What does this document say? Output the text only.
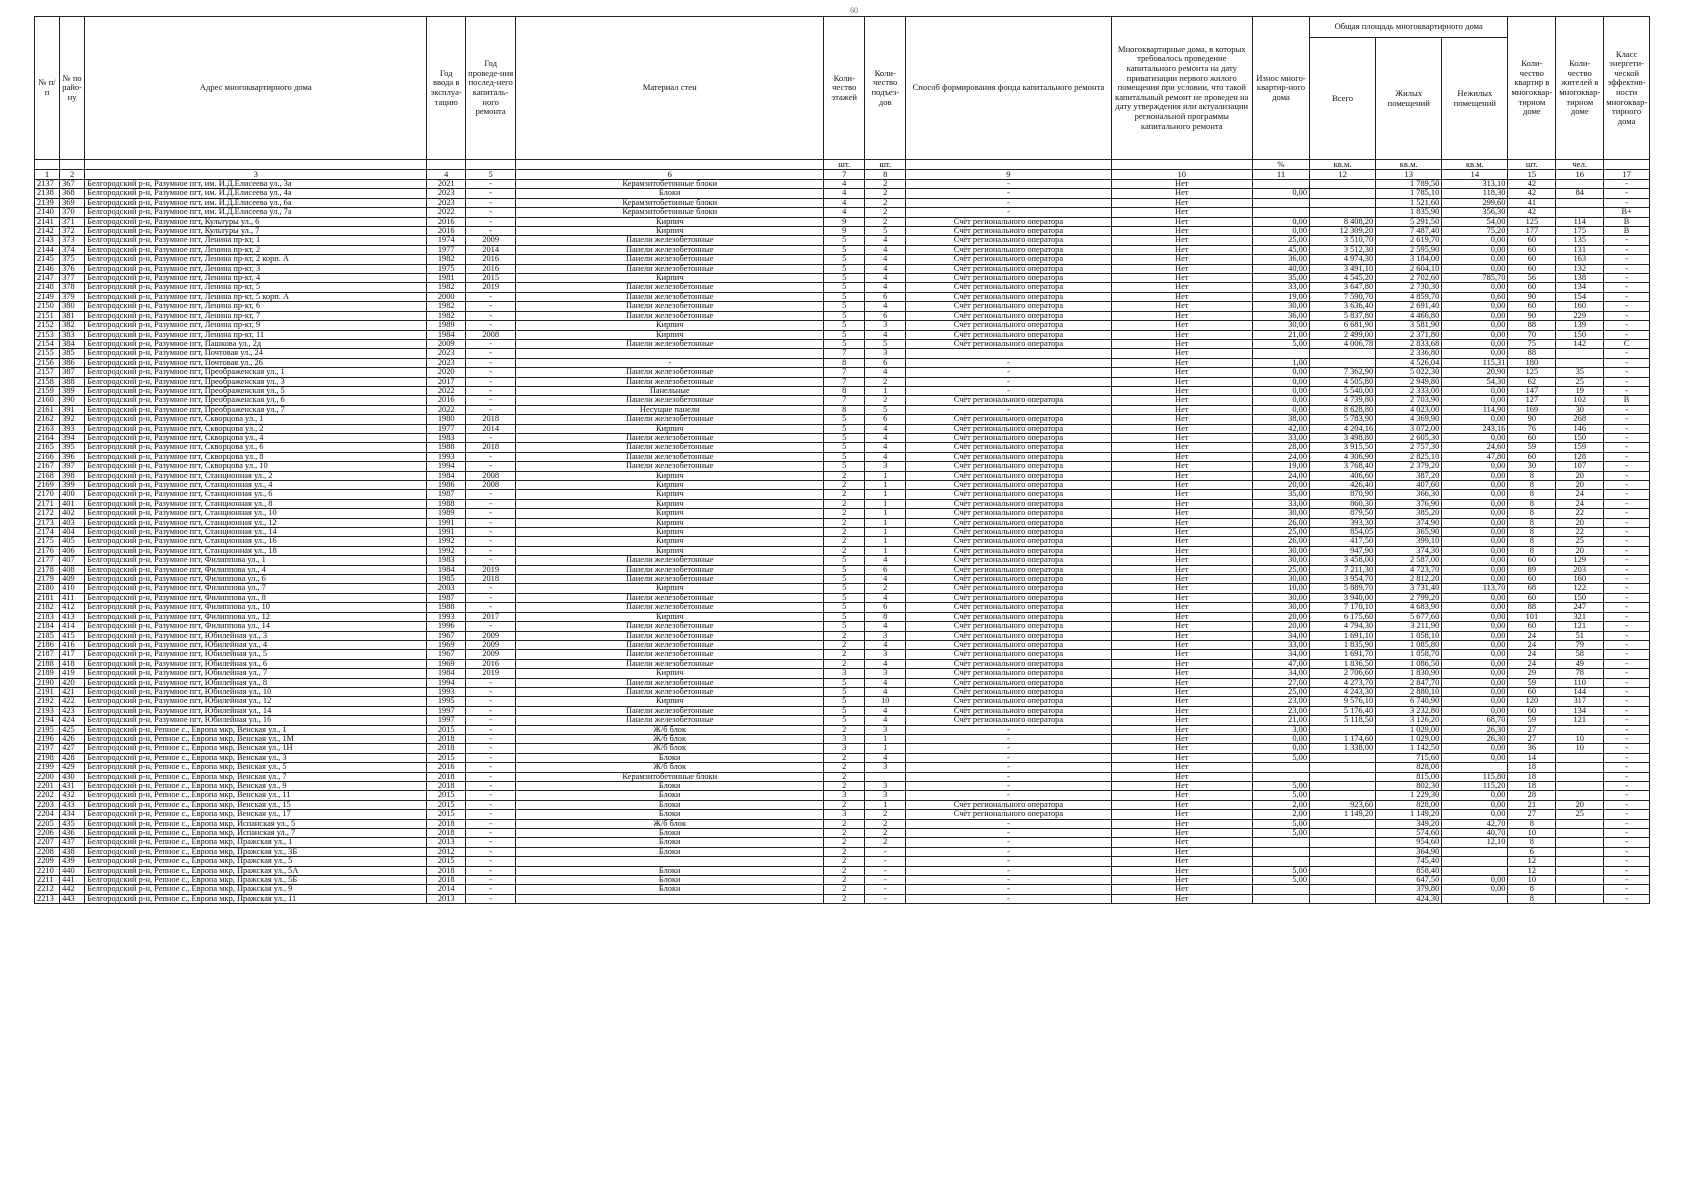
60
№ п/п	№ по райо-ну	Адрес многоквартирного дома	Год ввода в эксплуа-тацию	Год проведе-ния послед-него капиталь-ного ремонта	Материал стен	Коли-чество этажей	Коли-чество подъез-дов	Способ формирования фонда капитального ремонта	Многоквартирные дома, в которых требовалось проведение капитального ремонта на дату приватизации первого жилого помещения при условии, что такой капитальный ремонт не проведен на дату утверждения или актуализации региональной программы капитального ремонта	Износ много-квартир-ного дома	Общая площадь многоквартирного дома			Коли-чество квартир в многоквар-тирном доме	Коли-чество жителей в многоквар-тирном доме	Класс энергети-ческой эффектив-ности многоквар-тирного дома
											Всего	Жилых помещений	Нежилых помещений			
						шт.	шт.			%	кв.м.	кв.м.	кв.м.	шт.	чел.	
1	2	3	4	5	6	7	8	9	10	11	12	13	14	15	16	17
2137	367	Белгородский р-н, Разумное пгт, им. И.Д.Елисеева ул., 3а	2021	-	Керамзитобетонные блоки	4	2	-	Нет			1 789,50	313,10	42		-
2138	368	Белгородский р-н, Разумное пгт, им. И.Д.Елисеева ул., 4а	2023	-	Блоки	4	2	-	Нет	0,00		1 785,10	118,30	42	84	-
2139	369	Белгородский р-н, Разумное пгт, им. И.Д.Елисеева ул., 6а	2023	-	Керамзитобетонные блоки	4	2	-	Нет			1 521,60	299,60	41		-
2140	370	Белгородский р-н, Разумное пгт, им. И.Д.Елисеева ул., 7а	2022	-	Керамзитобетонные блоки	4	2	-	Нет			1 835,90	356,30	42		B+
2141	371	Белгородский р-н, Разумное пгт, Культуры ул., 6	2016	-	Кирпич	9	2	Счёт регионального оператора	Нет	0,00	8 408,20	5 291,50	54,00	125	114	B
2142	372	Белгородский р-н, Разумное пгт, Культуры ул., 7	2016	-	Кирпич	9	5	Счёт регионального оператора	Нет	0,00	12 309,20	7 487,40	75,20	177	175	B
2143	373	Белгородский р-н, Разумное пгт, Ленина пр-кт, 1	1974	2009	Панели железобетонные	5	4	Счёт регионального оператора	Нет	25,00	3 510,70	2 619,70	0,00	60	135	-
2144	374	Белгородский р-н, Разумное пгт, Ленина пр-кт, 2	1977	2014	Панели железобетонные	5	4	Счёт регионального оператора	Нет	45,00	3 512,30	2 595,90	0,00	60	131	-
2145	375	Белгородский р-н, Разумное пгт, Ленина пр-кт, 2 корп. А	1982	2016	Панели железобетонные	5	4	Счёт регионального оператора	Нет	36,00	4 974,30	3 184,00	0,00	60	163	-
2146	376	Белгородский р-н, Разумное пгт, Ленина пр-кт, 3	1975	2016	Панели железобетонные	5	4	Счёт регионального оператора	Нет	40,00	3 491,10	2 604,10	0,00	60	132	-
2147	377	Белгородский р-н, Разумное пгт, Ленина пр-кт, 4	1981	2015	Кирпич	5	4	Счёт регионального оператора	Нет	35,00	4 545,20	2 702,60	785,70	56	138	-
2148	378	Белгородский р-н, Разумное пгт, Ленина пр-кт, 5	1982	2019	Панели железобетонные	5	4	Счёт регионального оператора	Нет	33,00	3 647,80	2 730,30	0,00	60	134	-
2149	379	Белгородский р-н, Разумное пгт, Ленина пр-кт, 5 корп. А	2000	-	Панели железобетонные	5	6	Счёт регионального оператора	Нет	19,00	7 590,70	4 859,70	0,60	90	154	-
2150	380	Белгородский р-н, Разумное пгт, Ленина пр-кт, 6	1982	-	Панели железобетонные	5	4	Счёт регионального оператора	Нет	30,00	3 636,40	2 691,40	0,00	60	160	-
2151	381	Белгородский р-н, Разумное пгт, Ленина пр-кт, 7	1982	-	Панели железобетонные	5	6	Счёт регионального оператора	Нет	36,00	5 837,80	4 466,80	0,00	90	229	-
2152	382	Белгородский р-н, Разумное пгт, Ленина пр-кт, 9	1989	-	Кирпич	5	3	Счёт регионального оператора	Нет	30,00	6 681,90	3 581,90	0,00	88	139	-
2153	383	Белгородский р-н, Разумное пгт, Ленина пр-кт, 11	1984	2008	Кирпич	5	4	Счёт регионального оператора	Нет	21,00	2 499,00	2 371,80	0,00	70	150	-
2154	384	Белгородский р-н, Разумное пгт, Пашкова ул., 2д	2009	-	Панели железобетонные	5	5	Счёт регионального оператора	Нет	5,00	4 006,78	2 833,68	0,00	75	142	C
2155	385	Белгородский р-н, Разумное пгт, Почтовая ул., 24	2023	-		7	3		Нет			2 336,80	0,00	88		-
2156	386	Белгородский р-н, Разумное пгт, Почтовая ул., 26	2023	-	-	8	6	-	Нет	1,00		4 526,04	115,31	180		-
2157	387	Белгородский р-н, Разумное пгт, Преображенская ул., 1	2020	-	Панели железобетонные	7	4	-	Нет	0,00	7 362,90	5 022,30	20,90	125	35	-
2158	388	Белгородский р-н, Разумное пгт, Преображенская ул., 3	2017	-	Панели железобетонные	7	2	-	Нет	0,00	4 505,80	2 949,80	54,30	62	25	-
2159	389	Белгородский р-н, Разумное пгт, Преображенская ул., 5	2022	-	Панельные	8	1	-	Нет	0,00	5 540,00	2 333,00	0,00	147	19	-
2160	390	Белгородский р-н, Разумное пгт, Преображенская ул., 6	2016	-	Панели железобетонные	7	2	Счёт регионального оператора	Нет	0,00	4 739,80	2 703,90	0,00	127	102	B
2161	391	Белгородский р-н, Разумное пгт, Преображенская ул., 7	2022	-	Несущие панели	8	5	-	Нет	0,00	8 628,80	4 023,00	114,90	169	30	-
2162	392	Белгородский р-н, Разумное пгт, Скворцова ул., 1	1980	2018	Панели железобетонные	5	6	Счёт регионального оператора	Нет	38,00	5 783,90	4 369,90	0,00	90	268	-
2163	393	Белгородский р-н, Разумное пгт, Скворцова ул., 2	1977	2014	Кирпич	5	4	Счёт регионального оператора	Нет	42,00	4 204,16	3 072,00	243,16	76	146	-
2164	394	Белгородский р-н, Разумное пгт, Скворцова ул., 4	1983	-	Панели железобетонные	5	4	Счёт регионального оператора	Нет	33,00	3 498,80	2 605,30	0,00	60	150	-
2165	395	Белгородский р-н, Разумное пгт, Скворцова ул., 6	1988	2018	Панели железобетонные	5	4	Счёт регионального оператора	Нет	28,00	3 915,50	2 757,30	24,60	59	159	-
2166	396	Белгородский р-н, Разумное пгт, Скворцова ул., 8	1993	-	Панели железобетонные	5	4	Счёт регионального оператора	Нет	24,00	4 306,90	2 825,10	47,80	60	128	-
2167	397	Белгородский р-н, Разумное пгт, Скворцова ул., 10	1994	-	Панели железобетонные	5	3	Счёт регионального оператора	Нет	19,00	3 768,40	2 379,20	0,00	30	107	-
2168	398	Белгородский р-н, Разумное пгт, Станционная ул., 2	1984	2008	Кирпич	2	1	Счёт регионального оператора	Нет	24,00	406,60	387,20	0,00	8	20	-
2169	399	Белгородский р-н, Разумное пгт, Станционная ул., 4	1986	2008	Кирпич	2	1	Счёт регионального оператора	Нет	20,00	426,40	407,60	0,00	8	20	-
2170	400	Белгородский р-н, Разумное пгт, Станционная ул., 6	1987	-	Кирпич	2	1	Счёт регионального оператора	Нет	35,00	870,90	366,30	0,00	8	24	-
2171	401	Белгородский р-н, Разумное пгт, Станционная ул., 8	1988	-	Кирпич	2	1	Счёт регионального оператора	Нет	33,00	860,30	376,90	0,00	8	24	-
2172	402	Белгородский р-н, Разумное пгт, Станционная ул., 10	1989	-	Кирпич	2	1	Счёт регионального оператора	Нет	30,00	879,50	385,20	0,00	8	22	-
2173	403	Белгородский р-н, Разумное пгт, Станционная ул., 12	1991	-	Кирпич	2	1	Счёт регионального оператора	Нет	26,00	393,30	374,90	0,00	8	20	-
2174	404	Белгородский р-н, Разумное пгт, Станционная ул., 14	1991	-	Кирпич	2	1	Счёт регионального оператора	Нет	25,00	854,05	365,90	0,00	8	22	-
2175	405	Белгородский р-н, Разумное пгт, Станционная ул., 16	1992	-	Кирпич	2	1	Счёт регионального оператора	Нет	26,00	417,50	399,10	0,00	8	25	-
2176	406	Белгородский р-н, Разумное пгт, Станционная ул., 18	1992	-	Кирпич	2	1	Счёт регионального оператора	Нет	30,00	947,90	374,30	0,00	8	20	-
2177	407	Белгородский р-н, Разумное пгт, Филиппова ул., 1	1983	-	Панели железобетонные	5	4	Счёт регионального оператора	Нет	30,00	3 458,00	2 587,00	0,00	60	129	-
2178	408	Белгородский р-н, Разумное пгт, Филиппова ул., 4	1984	2019	Панели железобетонные	5	6	Счёт регионального оператора	Нет	25,00	7 211,30	4 723,70	0,00	89	203	-
2179	409	Белгородский р-н, Разумное пгт, Филиппова ул., 6	1985	2018	Панели железобетонные	5	4	Счёт регионального оператора	Нет	30,00	3 954,70	2 812,20	0,00	60	160	-
2180	410	Белгородский р-н, Разумное пгт, Филиппова ул., 7	2003	-	Кирпич	5	2	Счёт регионального оператора	Нет	10,00	5 889,70	3 731,40	113,70	68	122	-
2181	411	Белгородский р-н, Разумное пгт, Филиппова ул., 8	1987	-	Панели железобетонные	5	4	Счёт регионального оператора	Нет	30,00	3 940,00	2 799,20	0,00	60	150	-
2182	412	Белгородский р-н, Разумное пгт, Филиппова ул., 10	1988	-	Панели железобетонные	5	6	Счёт регионального оператора	Нет	30,00	7 170,10	4 683,90	0,00	88	247	-
2183	413	Белгородский р-н, Разумное пгт, Филиппова ул., 12	1993	2017	Кирпич	5	8	Счёт регионального оператора	Нет	20,00	6 175,60	5 677,60	0,00	101	321	-
2184	414	Белгородский р-н, Разумное пгт, Филиппова ул., 14	1996	-	Панели железобетонные	5	4	Счёт регионального оператора	Нет	20,00	4 794,30	3 211,90	0,00	60	121	-
2185	415	Белгородский р-н, Разумное пгт, Юбилейная ул., 3	1967	2009	Панели железобетонные	2	3	Счёт регионального оператора	Нет	34,00	1 691,10	1 058,10	0,00	24	51	-
2186	416	Белгородский р-н, Разумное пгт, Юбилейная ул., 4	1969	2009	Панели железобетонные	2	4	Счёт регионального оператора	Нет	33,00	1 835,90	1 085,80	0,00	24	79	-
2187	417	Белгородский р-н, Разумное пгт, Юбилейная ул., 5	1967	2009	Панели железобетонные	2	3	Счёт регионального оператора	Нет	34,00	1 691,70	1 058,70	0,00	24	58	-
2188	418	Белгородский р-н, Разумное пгт, Юбилейная ул., 6	1969	2016	Панели железобетонные	2	4	Счёт регионального оператора	Нет	47,00	1 836,50	1 086,50	0,00	24	49	-
2189	419	Белгородский р-н, Разумное пгт, Юбилейная ул., 7	1984	2019	Кирпич	3	3	Счёт регионального оператора	Нет	34,00	2 706,60	1 830,90	0,00	29	78	-
2190	420	Белгородский р-н, Разумное пгт, Юбилейная ул., 8	1994	-	Панели железобетонные	5	4	Счёт регионального оператора	Нет	27,00	4 273,70	2 847,70	0,00	59	110	-
2191	421	Белгородский р-н, Разумное пгт, Юбилейная ул., 10	1993	-	Панели железобетонные	5	4	Счёт регионального оператора	Нет	25,00	4 243,30	2 880,10	0,00	60	144	-
2192	422	Белгородский р-н, Разумное пгт, Юбилейная ул., 12	1995	-	Кирпич	5	10	Счёт регионального оператора	Нет	23,00	9 576,10	6 740,90	0,00	120	317	-
2193	423	Белгородский р-н, Разумное пгт, Юбилейная ул., 14	1997	-	Панели железобетонные	5	4	Счёт регионального оператора	Нет	23,00	5 176,40	3 232,80	0,00	60	134	-
2194	424	Белгородский р-н, Разумное пгт, Юбилейная ул., 16	1997	-	Панели железобетонные	5	4	Счёт регионального оператора	Нет	21,00	5 118,50	3 126,20	68,70	59	121	-
2195	425	Белгородский р-н, Репное с., Европа мкр, Венская ул., 1	2015	-	Ж/б блок	2	3	-	Нет	3,00		1 029,00	26,30	27		-
2196	426	Белгородский р-н, Репное с., Европа мкр, Венская ул., 1М	2018	-	Ж/б блок	3	1	-	Нет	0,00	1 174,60	1 029,00	26,30	27	10	-
2197	427	Белгородский р-н, Репное с., Европа мкр, Венская ул., 1Н	2018	-	Ж/б блок	3	1	-	Нет	0,00	1 338,00	1 142,50	0,00	36	10	-
2198	428	Белгородский р-н, Репное с., Европа мкр, Венская ул., 3	2015	-	Блоки	2	4	-	Нет	5,00		715,60	0,00	14		-
2199	429	Белгородский р-н, Репное с., Европа мкр, Венская ул., 5	2016	-	Ж/б блок	2	3	-	Нет			828,00		18		-
2200	430	Белгородский р-н, Репное с., Европа мкр, Венская ул., 7	2018	-	Керамзитобетонные блоки	2		-	Нет			815,00	115,80	18		-
2201	431	Белгородский р-н, Репное с., Европа мкр, Венская ул., 9	2018	-	Блоки	2	3	-	Нет	5,00		802,30	115,20	18		-
2202	432	Белгородский р-н, Репное с., Европа мкр, Венская ул., 11	2015	-	Блоки	3	3	-	Нет	5,00		1 229,30	0,00	28		-
2203	433	Белгородский р-н, Репное с., Европа мкр, Венская ул., 15	2015	-	Блоки	2	1	Счёт регионального оператора	Нет	2,00	923,60	828,00	0,00	21	20	-
2204	434	Белгородский р-н, Репное с., Европа мкр, Венская ул., 17	2015	-	Блоки	3	2	Счёт регионального оператора	Нет	2,00	1 149,20	1 149,20	0,00	27	25	-
2205	435	Белгородский р-н, Репное с., Европа мкр, Испанская ул., 5	2018	-	Ж/б блок	2	2	-	Нет	5,00		349,20	42,70	8		-
2206	436	Белгородский р-н, Репное с., Европа мкр, Испанская ул., 7	2018	-	Блоки	2	2	-	Нет	5,00		574,60	40,70	10		-
2207	437	Белгородский р-н, Репное с., Европа мкр, Пражская ул., 1	2013	-	Блоки	2	2	-	Нет			954,60	12,10	8		-
2208	438	Белгородский р-н, Репное с., Европа мкр, Пражская ул., 3Б	2012	-	Блоки	2	-	-	Нет			364,90		6		-
2209	439	Белгородский р-н, Репное с., Европа мкр, Пражская ул., 5	2015	-		2	-	-	Нет			745,40		12		-
2210	440	Белгородский р-н, Репное с., Европа мкр, Пражская ул., 5А	2018	-	Блоки	2	-	-	Нет	5,00		858,40		12		-
2211	441	Белгородский р-н, Репное с., Европа мкр, Пражская ул., 5Б	2018	-	Блоки	2	-	-	Нет	5,00		647,50	0,00	10		-
2212	442	Белгородский р-н, Репное с., Европа мкр, Пражская ул., 9	2014	-	Блоки	2	-	-	Нет			379,80	0,00	8		-
2213	443	Белгородский р-н, Репное с., Европа мкр, Пражская ул., 11	2013	-		2	-	-	Нет			424,30		8		-
